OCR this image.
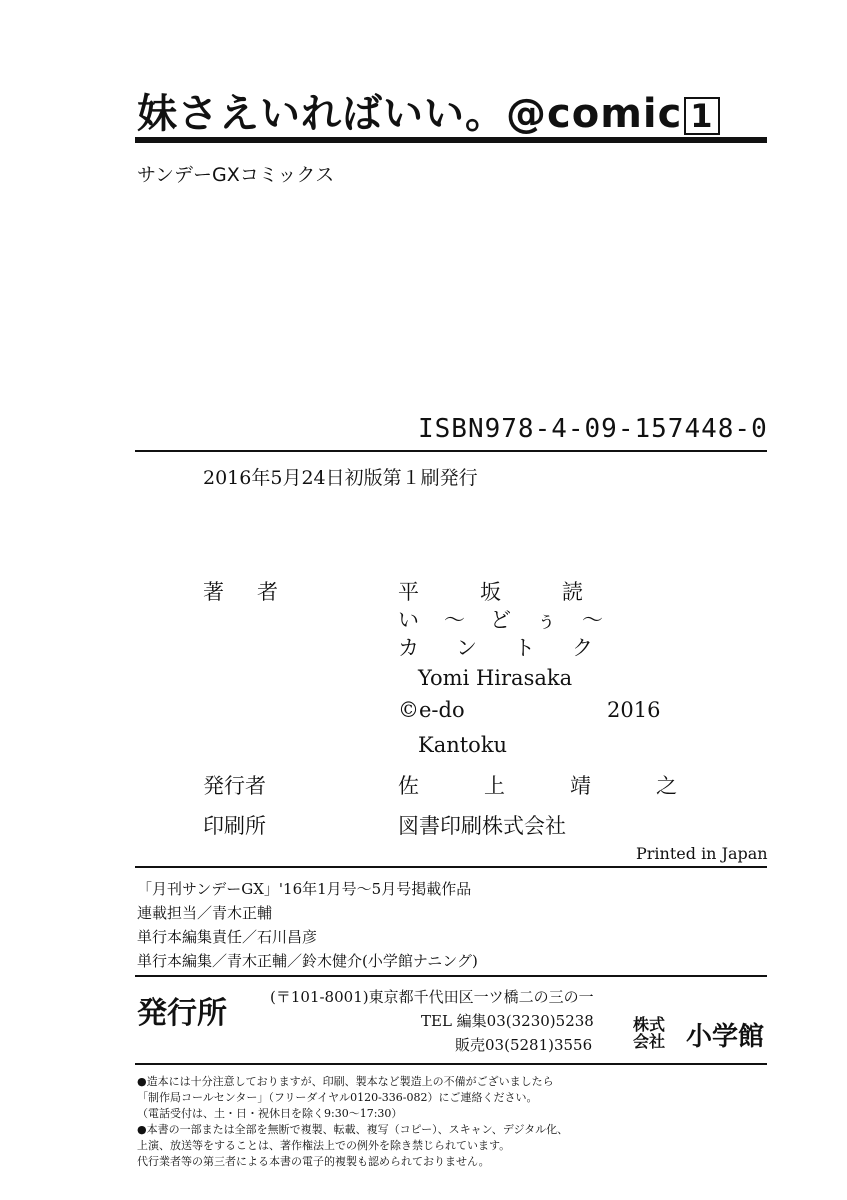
妹さえいればいい。@comic 1
サンデーGXコミックス
ISBN978-4-09-157448-0
2016年5月24日初版第１刷発行
著　者	平　坂　読
い　〜　ど　ぅ　〜
カ　ン　ト　ク
Yomi Hirasaka
©e-do	2016
Kantoku
発行者	佐　上　靖　之
印刷所	図書印刷株式会社
Printed in Japan
「月刊サンデーGX」'16年1月号〜5月号掲載作品
連載担当／青木正輔
単行本編集責任／石川昌彦
単行本編集／青木正輔／鈴木健介(小学館ナニング)
発行所	(〒101-8001)東京都千代田区一ツ橋二の三の一
TEL 編集03(3230)5238
販売03(5281)3556
株式会社 小学館
●造本には十分注意しておりますが、印刷、製本など製造上の不備がございましたら
「制作局コールセンター」（フリーダイヤル0120-336-082）にご連絡ください。
（電話受付は、土・日・祝休日を除く9:30〜17:30）
●本書の一部または全部を無断で複製、転載、複写（コピー）、スキャン、デジタル化、
上演、放送等をすることは、著作権法上での例外を除き禁じられています。
代行業者等の第三者による本書の電子的複製も認められておりません。
